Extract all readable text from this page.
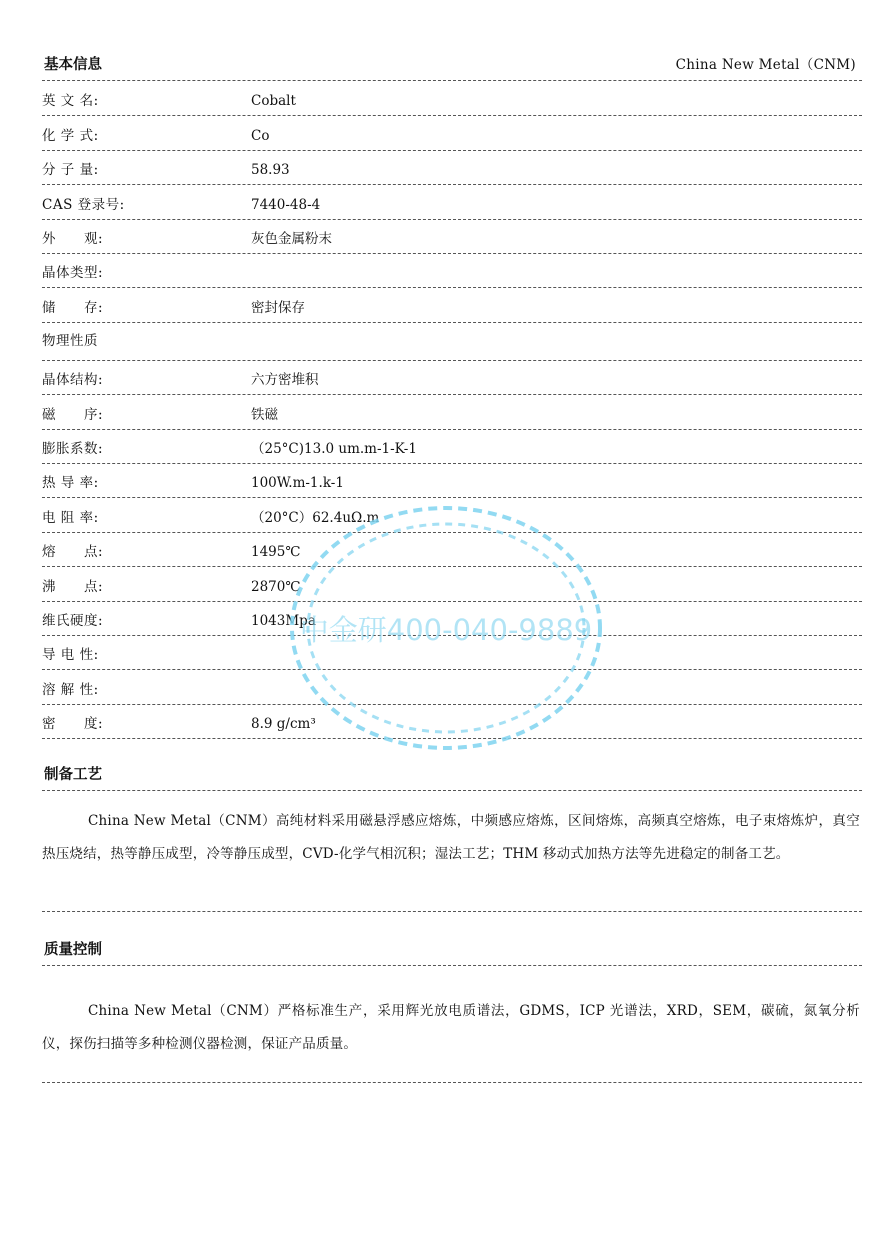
基本信息	China New Metal（CNM)
英 文 名:	Cobalt
化 学 式:	Co
分 子 量:	58.93
CAS 登录号:	7440-48-4
外　　观:	灰色金属粉末
晶体类型:
储　　存:	密封保存
物理性质
晶体结构:	六方密堆积
磁　　序:	铁磁
膨胀系数:	（25°C)13.0 um.m-1-K-1
热 导 率:	100W.m-1.k-1
电 阻 率:	（20°C）62.4uΩ.m
熔　　点:	1495℃
沸　　点:	2870℃
维氏硬度:	1043Mpa
导 电 性:
溶 解 性:
密　　度:	8.9 g/cm³
制备工艺
China New Metal（CNM）高纯材料采用磁悬浮感应熔炼，中频感应熔炼，区间熔炼，高频真空熔炼，电子束熔炼炉，真空热压烧结，热等静压成型，冷等静压成型，CVD-化学气相沉积；湿法工艺；THM 移动式加热方法等先进稳定的制备工艺。
质量控制
China New Metal（CNM）严格标准生产，采用辉光放电质谱法，GDMS，ICP 光谱法，XRD，SEM，碳硫，氮氧分析仪，探伤扫描等多种检测仪器检测，保证产品质量。
中金研400-040-9889
